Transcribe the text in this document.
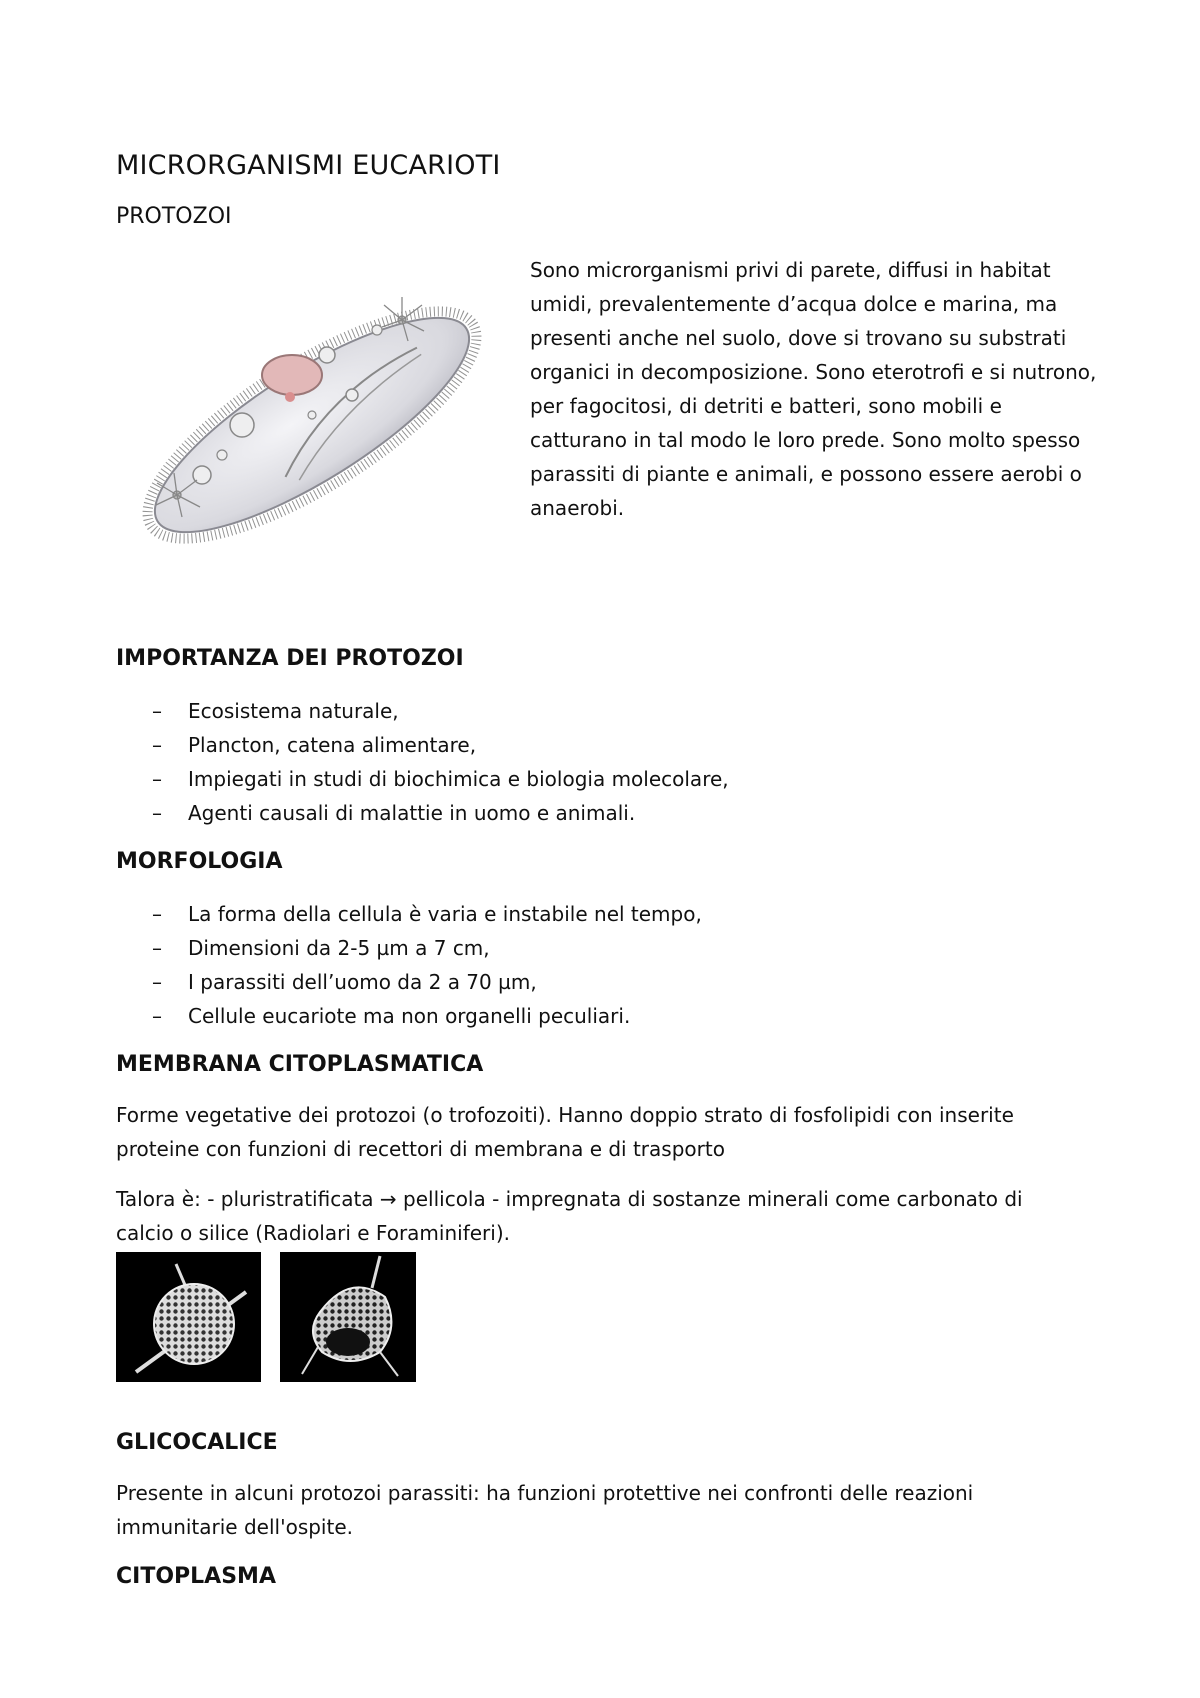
MICRORGANISMI EUCARIOTI
PROTOZOI
Sono microrganismi privi di parete, diffusi in habitat umidi, prevalentemente d’acqua dolce e marina, ma presenti anche nel suolo, dove si trovano su substrati organici in decomposizione. Sono eterotrofi e si nutrono, per fagocitosi, di detriti e batteri, sono mobili e catturano in tal modo le loro prede. Sono molto spesso parassiti di piante e animali, e possono essere aerobi o anaerobi.
IMPORTANZA DEI PROTOZOI
– Ecosistema naturale,
– Plancton, catena alimentare,
– Impiegati in studi di biochimica e biologia molecolare,
– Agenti causali di malattie in uomo e animali.
MORFOLOGIA
– La forma della cellula è varia e instabile nel tempo,
– Dimensioni da 2-5 µm a 7 cm,
– I parassiti dell’uomo da 2 a 70 µm,
– Cellule eucariote ma non organelli peculiari.
MEMBRANA CITOPLASMATICA
Forme vegetative dei protozoi (o trofozoiti). Hanno doppio strato di fosfolipidi con inserite proteine con funzioni di recettori di membrana e di trasporto
Talora è: - pluristratificata → pellicola - impregnata di sostanze minerali come carbonato di calcio o silice (Radiolari e Foraminiferi).
GLICOCALICE
Presente in alcuni protozoi parassiti: ha funzioni protettive nei confronti delle reazioni immunitarie dell'ospite.
CITOPLASMA
